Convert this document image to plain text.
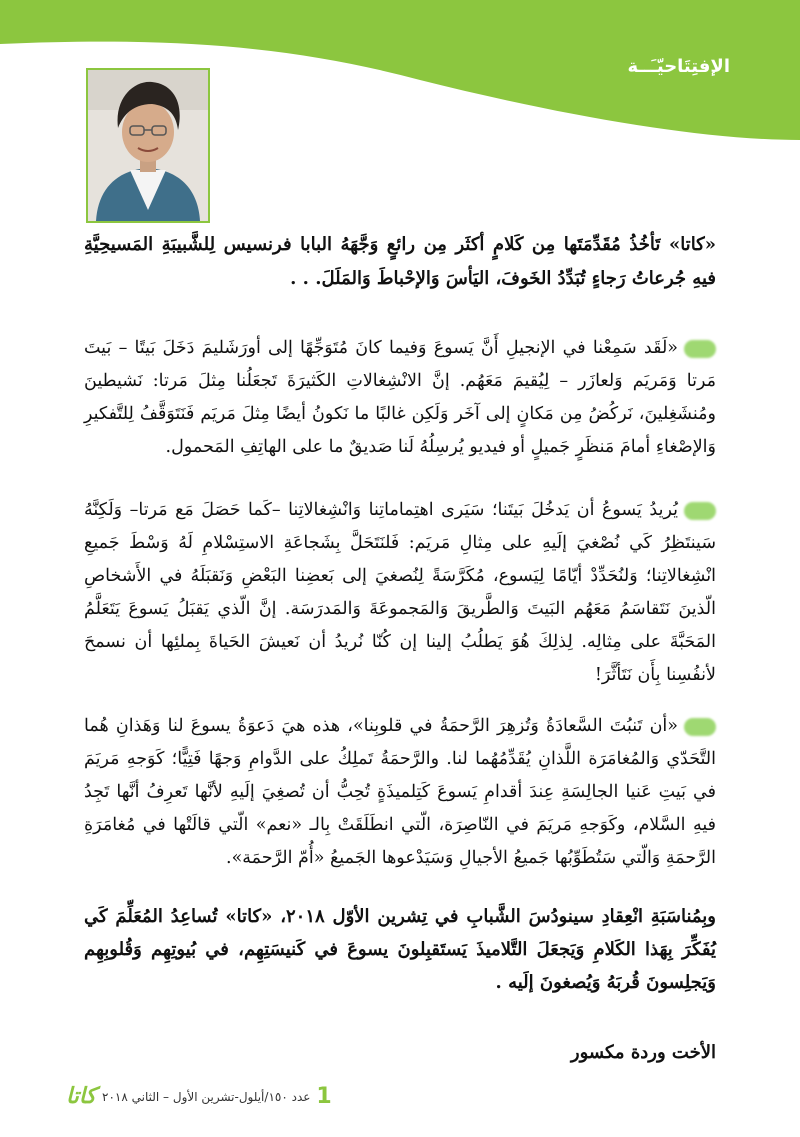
الإفتِتَاحيّـَــة

«كاتا» تَأخُذُ مُقَدِّمَتَها مِن كَلامٍ أكثَر مِن رائعٍ وَجَّهَهُ البابا فرنسيس لِلشَّبيبَةِ المَسيحِيَّةِ فيهِ جُرعاتُ رَجاءٍ تُبَدِّدُ الخَوفَ، اليَأسَ وَالإحْباطَ وَالمَلَلَ. . .

«لَقَد سَمِعْنا في الإنجيلِ أَنَّ يَسوعَ وَفيما كانَ مُتَوَجِّهًا إلى أورَشَليمَ دَخَلَ بَيتًا – بَيتَ مَرتا وَمَريَم وَلعازَر – لِيُقيمَ مَعَهُم. إنَّ الانْشِغالاتِ الكَثيرَةَ تَجعَلُنا مِثلَ مَرتا: نَشيطينَ ومُنشَغِلينَ، نَركُضُ مِن مَكانٍ إلى آخَر وَلَكِن غالبًا ما نَكونُ أيضًا مِثلَ مَريَم فَنَتَوَقَّفُ لِلتَّفكيرِ وَالإصْغاءِ أمامَ مَنظَرٍ جَميلٍ أو فيديو يُرسِلُهُ لَنا صَديقٌ ما على الهاتِفِ المَحمول.

يُريدُ يَسوعُ أن يَدخُلَ بَيتَنا؛ سَيَرى اهتِماماتِنا وَانْشِغالاتِنا –كَما حَصَلَ مَع مَرتا– وَلَكِنَّهُ سَينتَظِرُ كَي نُصْغيَ إلَيهِ على مِثالِ مَريَم: فَلنَتَحَلَّ بِشَجاعَةِ الاستِسْلامِ لَهُ وَسْطَ جَميعِ انْشِغالاتِنا؛ وَلنُحَدِّدْ أيّامًا لِيَسوع، مُكَرَّسَةً لِنُصغيَ إلى بَعضِنا البَعْضِ وَنَقبَلَهُ في الأَشخاصِ الّذينَ نَتَقاسَمُ مَعَهُم البَيتَ وَالطَّريقَ وَالمَجموعَةَ وَالمَدرَسَة. إنَّ الّذي يَقبَلُ يَسوعَ يَتَعَلَّمُ المَحَبَّةَ على مِثالِه. لِذلِكَ هُوَ يَطلُبُ إلينا إن كُنّا نُريدُ أن نَعيشَ الحَياةَ بِملئِها أن نسمحَ لأنفُسِنا بِأَن نَتَأثَّرَ!

«أن تَنبُتَ السَّعادَةُ وَتُزهِرَ الرَّحمَةُ في قلوبِنا»، هذه هيَ دَعوَةُ يسوعَ لنا وَهَذانِ هُما التَّحَدّي وَالمُغامَرَة اللَّذانِ يُقَدِّمُهُما لنا. والرَّحمَةُ تَملِكُ على الدَّوامِ وَجهًا فَتِيًّا؛ كَوَجهِ مَريَمَ في بَيتِ عَنيا الجالِسَةِ عِندَ أقدامِ يَسوعَ كَتِلميذَةٍ تُحِبُّ أن تُصغِيَ إلَيهِ لأنَّها تَعرِفُ أنَّها تَجِدُ فيهِ السَّلام، وكَوَجهِ مَريَمَ في النّاصِرَة، الّتي انطَلَقَتْ بِالـ «نعم» الّتي قالَتْها في مُغامَرَةِ الرَّحمَةِ وَالّتي سَتُطَوِّبُها جَميعُ الأجيالِ وَسَيَدْعوها الجَميعُ «أُمّ الرَّحمَة».

وبِمُناسَبَةِ انْعِقادِ سينودُسَ الشَّبابِ في تِشرين الأوّل ٢٠١٨، «كاتا» تُساعِدُ المُعَلِّمَ كَي يُفَكِّرَ بِهَذا الكَلامِ وَيَجعَلَ التَّلاميذَ يَستَقبِلونَ يسوعَ في كَنيسَتِهِم، في بُيوتِهِم وَقُلوبِهِم وَيَجلِسونَ قُربَهُ وَيُصغونَ إلَيه .

الأخت وردة مكسور
1
عدد ١٥٠/أيلول-تشرين الأول – الثاني ٢٠١٨
كاتا
